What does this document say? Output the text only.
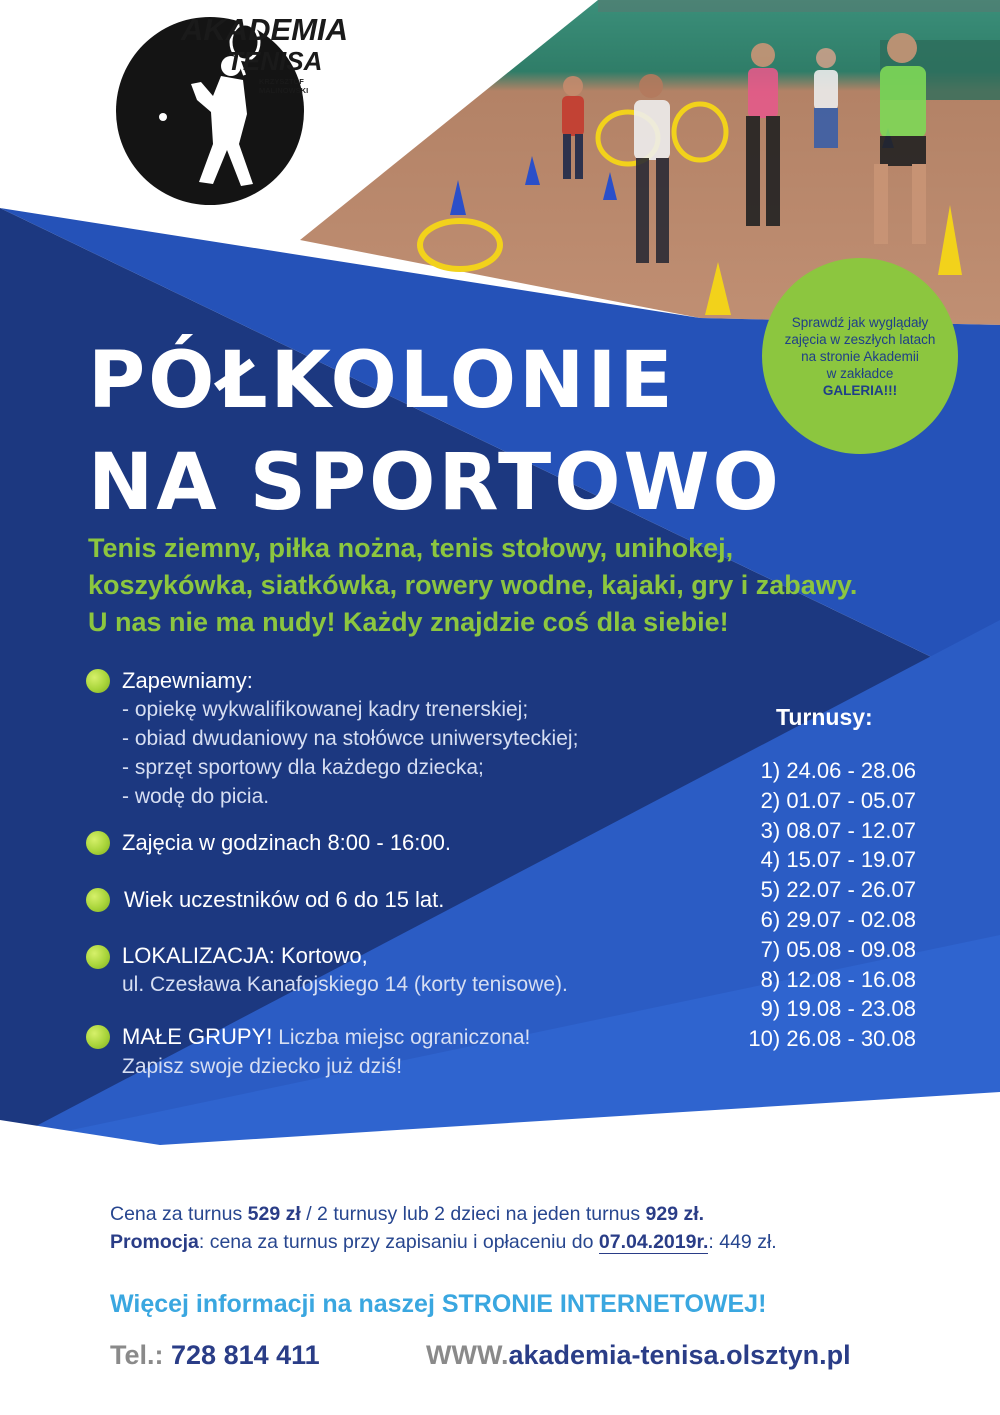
AKADEMIA
TENISA
KRZYSZTOF MALINOWSKI
PÓŁKOLONIE
NA SPORTOWO
Sprawdź jak wyglądały
zajęcia w zeszłych latach
na stronie Akademii
w zakładce
GALERIA!!!
Tenis ziemny, piłka nożna, tenis stołowy, unihokej,
koszykówka, siatkówka, rowery wodne, kajaki, gry i zabawy.
U nas nie ma nudy! Każdy znajdzie coś dla siebie!
Zapewniamy:
- opiekę wykwalifikowanej kadry trenerskiej;
- obiad dwudaniowy na stołówce uniwersyteckiej;
- sprzęt sportowy dla każdego dziecka;
- wodę do picia.
Zajęcia w godzinach 8:00 - 16:00.
Wiek uczestników od 6 do 15 lat.
LOKALIZACJA: Kortowo,
ul. Czesława Kanafojskiego 14 (korty tenisowe).
MAŁE GRUPY! Liczba miejsc ograniczona!
Zapisz swoje dziecko już dziś!
Turnusy:
1) 24.06 - 28.06
2) 01.07 - 05.07
3) 08.07 - 12.07
4) 15.07 - 19.07
5) 22.07 - 26.07
6) 29.07 - 02.08
7) 05.08 - 09.08
8) 12.08 - 16.08
9) 19.08 - 23.08
10) 26.08 - 30.08
Cena za turnus 529 zł / 2 turnusy lub 2 dzieci na jeden turnus 929 zł.
Promocja: cena za turnus przy zapisaniu i opłaceniu do 07.04.2019r.: 449 zł.
Więcej informacji na naszej STRONIE INTERNETOWEJ!
Tel.: 728 814 411	WWW.akademia-tenisa.olsztyn.pl
